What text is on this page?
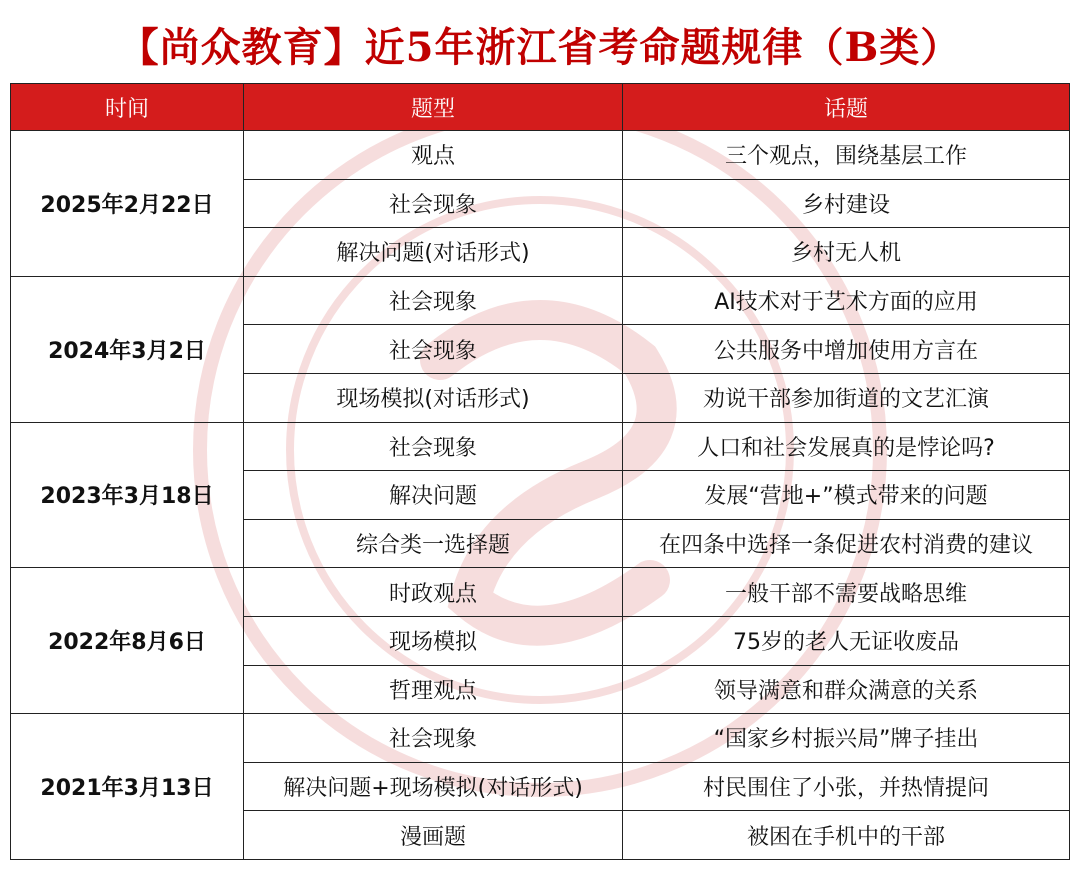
【尚众教育】近5年浙江省考命题规律（B类）
时间	题型	话题
2025年2月22日	观点	三个观点，围绕基层工作
	社会现象	乡村建设
	解决问题(对话形式)	乡村无人机
2024年3月2日	社会现象	AI技术对于艺术方面的应用
	社会现象	公共服务中增加使用方言在
	现场模拟(对话形式)	劝说干部参加街道的文艺汇演
2023年3月18日	社会现象	人口和社会发展真的是悖论吗?
	解决问题	发展“营地+”模式带来的问题
	综合类一选择题	在四条中选择一条促进农村消费的建议
2022年8月6日	时政观点	一般干部不需要战略思维
	现场模拟	75岁的老人无证收废品
	哲理观点	领导满意和群众满意的关系
2021年3月13日	社会现象	“国家乡村振兴局”牌子挂出
	解决问题+现场模拟(对话形式)	村民围住了小张，并热情提问
	漫画题	被困在手机中的干部
